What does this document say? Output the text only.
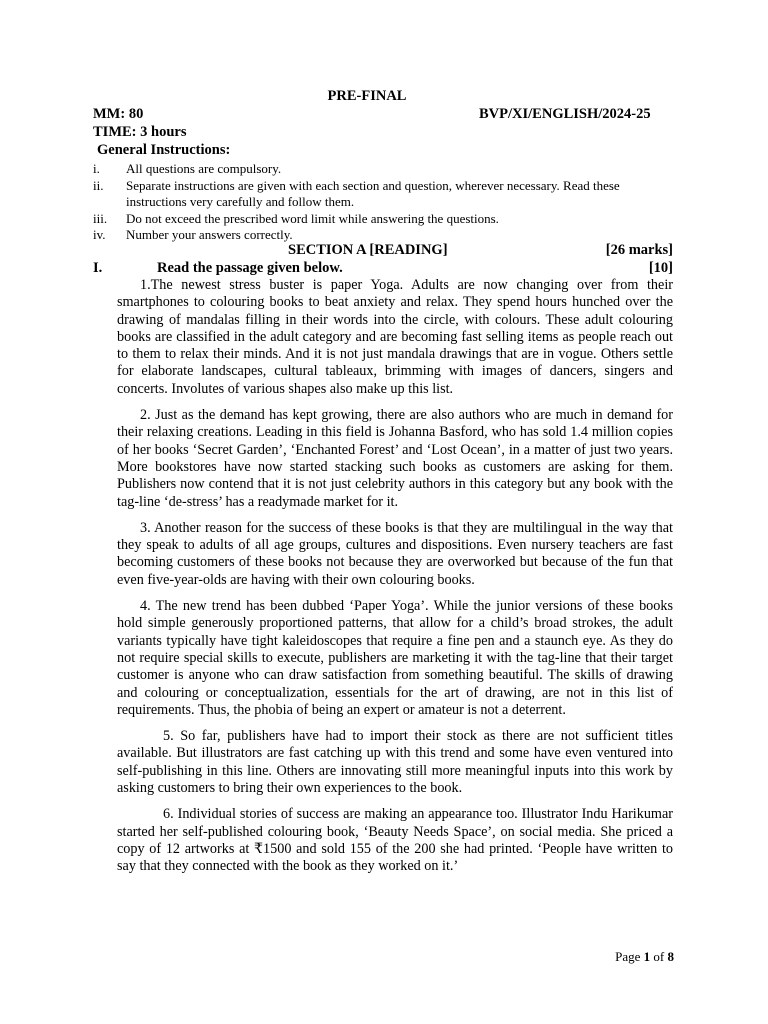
PRE-FINAL
MM: 80	BVP/XI/ENGLISH/2024-25
TIME: 3 hours
General Instructions:
i.	All questions are compulsory.
ii.	Separate instructions are given with each section and question, wherever necessary. Read these instructions very carefully and follow them.
iii.	Do not exceed the prescribed word limit while answering the questions.
iv.	Number your answers correctly.
SECTION A [READING]	[26 marks]
I.	Read the passage given below.	[10]

1.The newest stress buster is paper Yoga. Adults are now changing over from their smartphones to colouring books to beat anxiety and relax. They spend hours hunched over the drawing of mandalas filling in their words into the circle, with colours. These adult colouring books are classified in the adult category and are becoming fast selling items as people reach out to them to relax their minds. And it is not just mandala drawings that are in vogue. Others settle for elaborate landscapes, cultural tableaux, brimming with images of dancers, singers and concerts. Involutes of various shapes also make up this list.

2. Just as the demand has kept growing, there are also authors who are much in demand for their relaxing creations. Leading in this field is Johanna Basford, who has sold 1.4 million copies of her books ‘Secret Garden’, ‘Enchanted Forest’ and ‘Lost Ocean’, in a matter of just two years. More bookstores have now started stacking such books as customers are asking for them. Publishers now contend that it is not just celebrity authors in this category but any book with the tag-line ‘de-stress’ has a readymade market for it.

3. Another reason for the success of these books is that they are multilingual in the way that they speak to adults of all age groups, cultures and dispositions. Even nursery teachers are fast becoming customers of these books not because they are overworked but because of the fun that even five-year-olds are having with their own colouring books.

4. The new trend has been dubbed ‘Paper Yoga’. While the junior versions of these books hold simple generously proportioned patterns, that allow for a child’s broad strokes, the adult variants typically have tight kaleidoscopes that require a fine pen and a staunch eye. As they do not require special skills to execute, publishers are marketing it with the tag-line that their target customer is anyone who can draw satisfaction from something beautiful. The skills of drawing and colouring or conceptualization, essentials for the art of drawing, are not in this list of requirements. Thus, the phobia of being an expert or amateur is not a deterrent.

5. So far, publishers have had to import their stock as there are not sufficient titles available. But illustrators are fast catching up with this trend and some have even ventured into self-publishing in this line. Others are innovating still more meaningful inputs into this work by asking customers to bring their own experiences to the book.

6. Individual stories of success are making an appearance too. Illustrator Indu Harikumar started her self-published colouring book, ‘Beauty Needs Space’, on social media. She priced a copy of 12 artworks at ₹1500 and sold 155 of the 200 she had printed. ‘People have written to say that they connected with the book as they worked on it.’

Page 1 of 8
